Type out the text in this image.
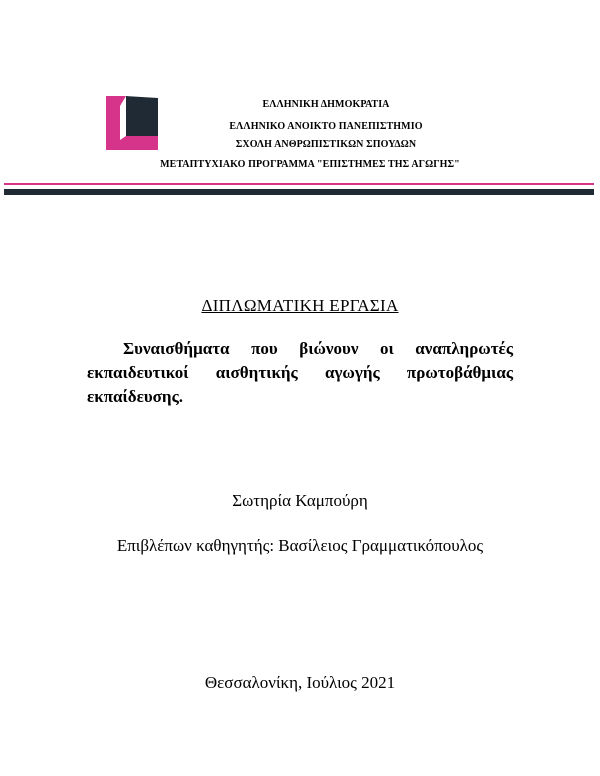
ΕΛΛΗΝΙΚΗ ΔΗΜΟΚΡΑΤΙΑ
ΕΛΛΗΝΙΚΟ ΑΝΟΙΚΤΟ ΠΑΝΕΠΙΣΤΗΜΙΟ
ΣΧΟΛΗ ΑΝΘΡΩΠΙΣΤΙΚΩΝ ΣΠΟΥΔΩΝ
ΜΕΤΑΠΤΥΧΙΑΚΟ ΠΡΟΓΡΑΜΜΑ "ΕΠΙΣΤΗΜΕΣ ΤΗΣ ΑΓΩΓΗΣ"
ΔΙΠΛΩΜΑΤΙΚΗ ΕΡΓΑΣΙΑ
Συναισθήματα που βιώνουν οι αναπληρωτές εκπαιδευτικοί αισθητικής αγωγής πρωτοβάθμιας εκπαίδευσης.
Σωτηρία Καμπούρη
Επιβλέπων καθηγητής: Βασίλειος Γραμματικόπουλος
Θεσσαλονίκη, Ιούλιος 2021
